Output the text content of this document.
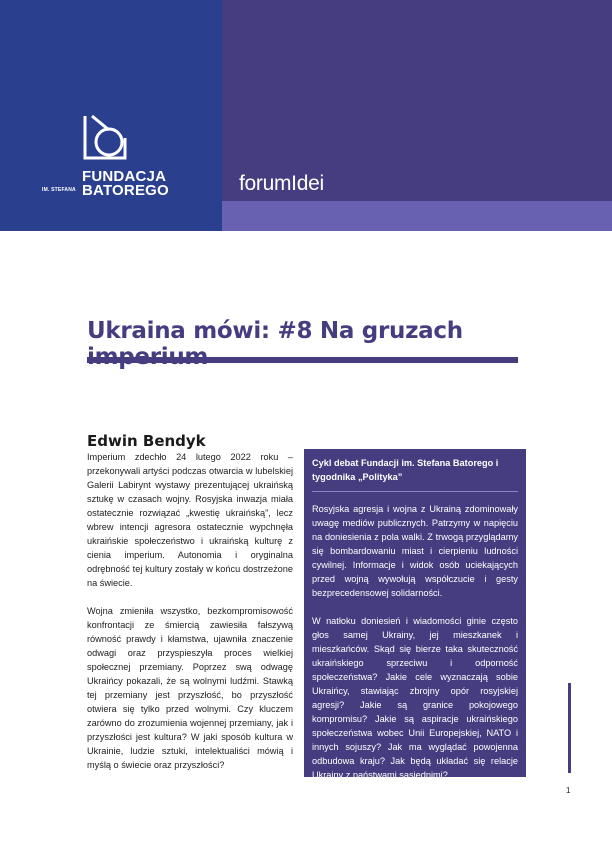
FUNDACJA
BATOREGO
IM. STEFANA	forumIdei
Ukraina mówi: #8 Na gruzach
Edwin Bendyk

Imperium zdechło 24 lutego 2022 roku – przekonywali artyści podczas otwarcia w lubelskiej Galerii Labirynt wystawy prezentującej ukraińską sztukę w czasach wojny. Rosyjska inwazja miała ostatecznie rozwiązać „kwestię ukraińską”, lecz wbrew intencji agresora ostatecznie wypchnęła ukraińskie społeczeństwo i ukraińską kulturę z cienia imperium. Autonomia i oryginalna odrębność tej kultury zostały w końcu dostrzeżone na świecie.

Wojna zmieniła wszystko, bezkompromisowość konfrontacji ze śmiercią zawiesiła fałszywą równość prawdy i kłamstwa, ujawniła znaczenie odwagi oraz przyspieszyła proces wielkiej społecznej przemiany. Poprzez swą odwagę Ukraińcy pokazali, że są wolnymi ludźmi. Stawką tej przemiany jest przyszłość, bo przyszłość otwiera się tylko przed wolnymi. Czy kluczem zarówno do zrozumienia wojennej przemiany, jak i przyszłości jest kultura? W jaki sposób kultura w Ukrainie, ludzie sztuki, intelektualiści mówią i myślą o świecie oraz przyszłości?

Cykl debat Fundacji im. Stefana Batorego i tygodnika „Polityka”

Rosyjska agresja i wojna z Ukrainą zdominowały uwagę mediów publicznych. Patrzymy w napięciu na doniesienia z pola walki. Z trwogą przyglądamy się bombardowaniu miast i cierpieniu ludności cywilnej. Informacje i widok osób uciekających przed wojną wywołują współczucie i gesty bezprecedensowej solidarności.

W natłoku doniesień i wiadomości ginie często głos samej Ukrainy, jej mieszkanek i mieszkańców. Skąd się bierze taka skuteczność ukraińskiego sprzeciwu i odporność społeczeństwa? Jakie cele wyznaczają sobie Ukraińcy, stawiając zbrojny opór rosyjskiej agresji? Jakie są granice pokojowego kompromisu? Jakie są aspiracje ukraińskiego społeczeństwa wobec Unii Europejskiej, NATO i innych sojuszy? Jak ma wyglądać powojenna odbudowa kraju? Jak będą układać się relacje Ukrainy z państwami sąsiednimi?

1
